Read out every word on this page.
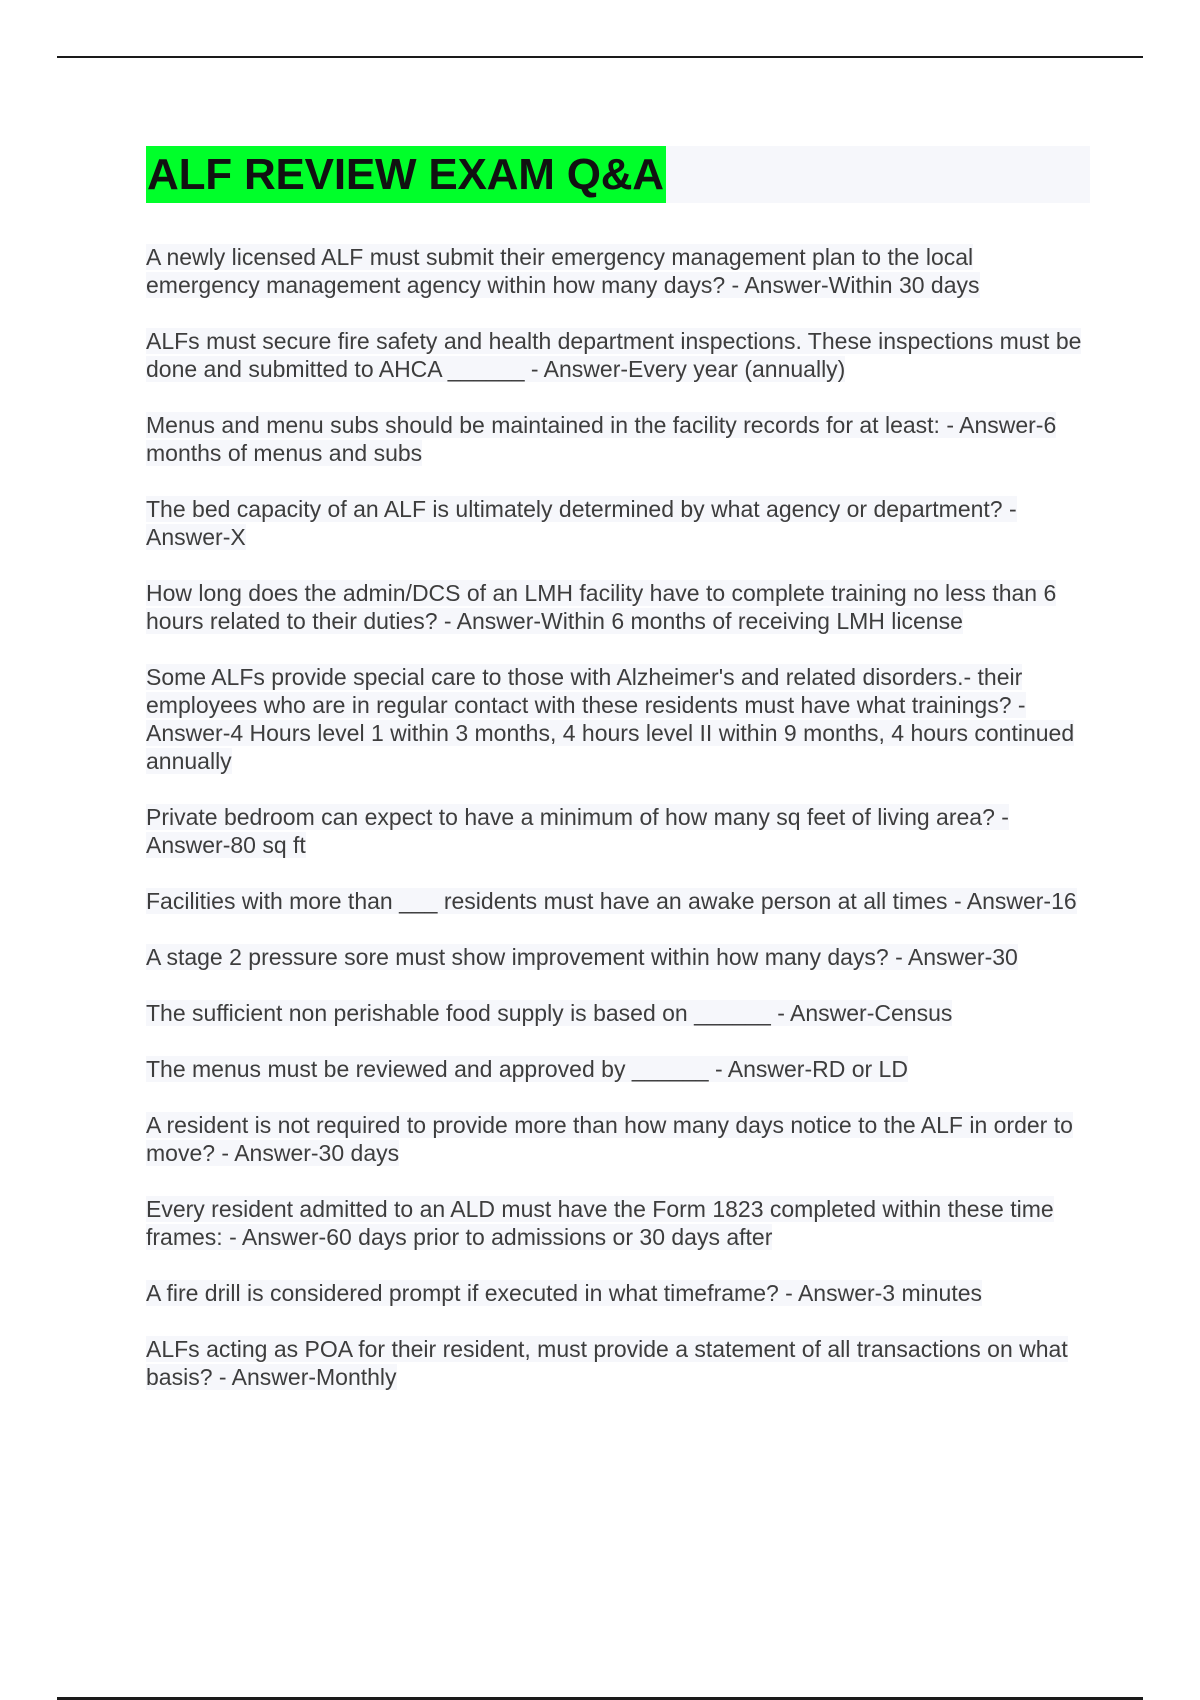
ALF REVIEW EXAM Q&A

A newly licensed ALF must submit their emergency management plan to the local emergency management agency within how many days? - Answer-Within 30 days

ALFs must secure fire safety and health department inspections. These inspections must be done and submitted to AHCA ______ - Answer-Every year (annually)

Menus and menu subs should be maintained in the facility records for at least: - Answer-6 months of menus and subs

The bed capacity of an ALF is ultimately determined by what agency or department? - Answer-X

How long does the admin/DCS of an LMH facility have to complete training no less than 6 hours related to their duties? - Answer-Within 6 months of receiving LMH license

Some ALFs provide special care to those with Alzheimer's and related disorders.- their employees who are in regular contact with these residents must have what trainings? - Answer-4 Hours level 1 within 3 months, 4 hours level II within 9 months, 4 hours continued annually

Private bedroom can expect to have a minimum of how many sq feet of living area? - Answer-80 sq ft

Facilities with more than ___ residents must have an awake person at all times - Answer-16

A stage 2 pressure sore must show improvement within how many days? - Answer-30

The sufficient non perishable food supply is based on ______ - Answer-Census

The menus must be reviewed and approved by ______ - Answer-RD or LD

A resident is not required to provide more than how many days notice to the ALF in order to move? - Answer-30 days

Every resident admitted to an ALD must have the Form 1823 completed within these time frames: - Answer-60 days prior to admissions or 30 days after

A fire drill is considered prompt if executed in what timeframe? - Answer-3 minutes

ALFs acting as POA for their resident, must provide a statement of all transactions on what basis? - Answer-Monthly
